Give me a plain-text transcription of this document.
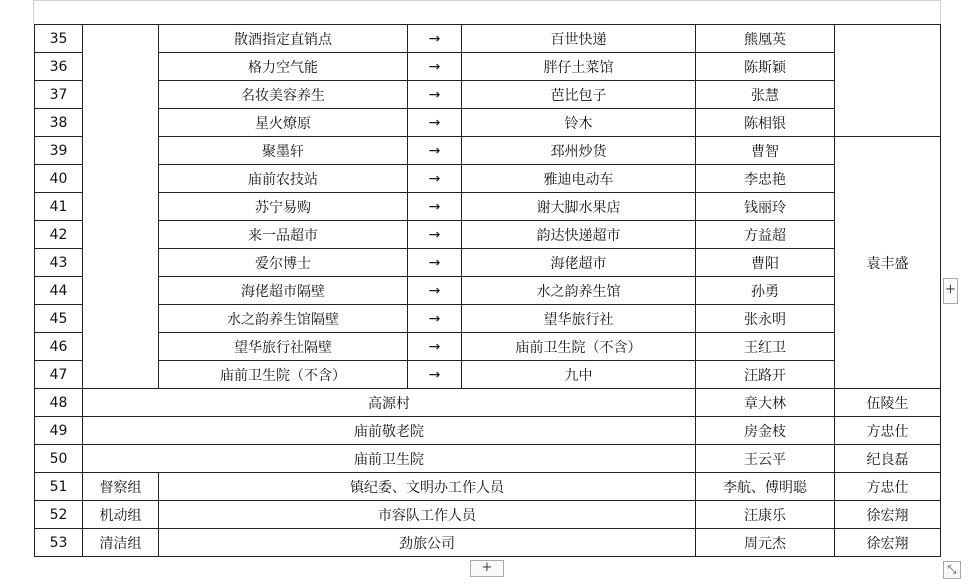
35		散酒指定直销点	→	百世快递	熊凰英	
36		格力空气能	→	胖仔土菜馆	陈斯颖	
37		名妆美容养生	→	芭比包子	张慧	
38		星火燎原	→	铃木	陈相银	
39		聚墨轩	→	邳州炒货	曹智	袁丰盛
40		庙前农技站	→	雅迪电动车	李忠艳	
41		苏宁易购	→	谢大脚水果店	钱丽玲	
42		来一品超市	→	韵达快递超市	方益超	
43		爱尔博士	→	海佬超市	曹阳	
44		海佬超市隔壁	→	水之韵养生馆	孙勇	
45		水之韵养生馆隔壁	→	望华旅行社	张永明	
46		望华旅行社隔壁	→	庙前卫生院（不含）	王红卫	
47		庙前卫生院（不含）	→	九中	汪路开	
48	高源村				章大林	伍陵生
49	庙前敬老院				房金枝	方忠仕
50	庙前卫生院				王云平	纪良磊
51	督察组	镇纪委、文明办工作人员			李航、傅明聪	方忠仕
52	机动组	市容队工作人员			汪康乐	徐宏翔
53	清洁组	劲旅公司			周元杰	徐宏翔
+
+	⤡
